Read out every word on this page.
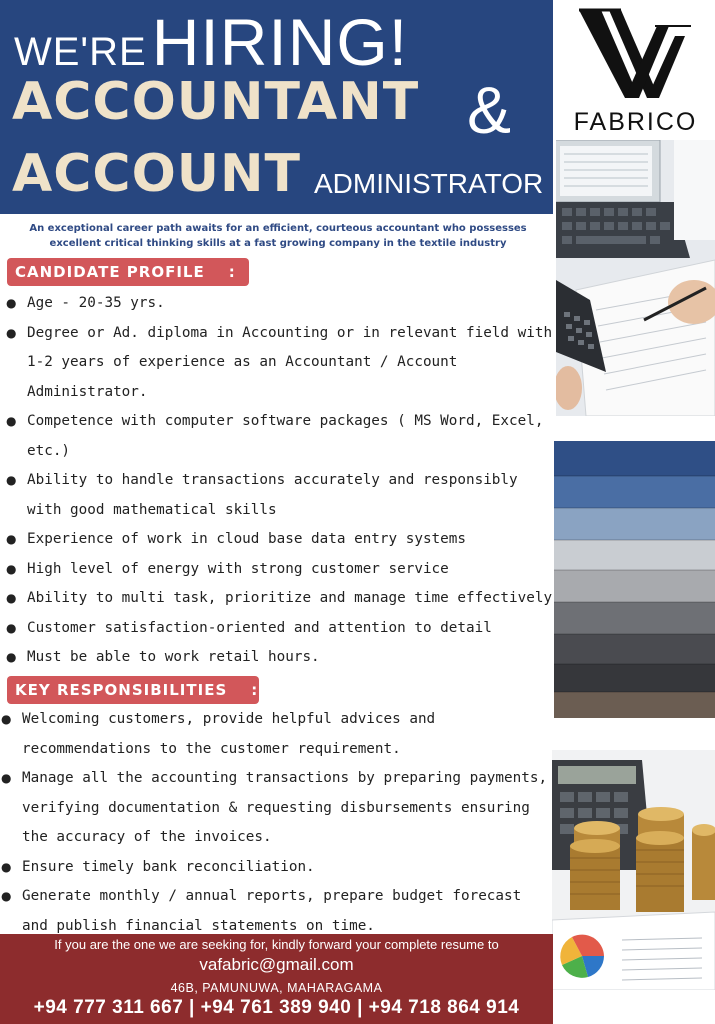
WE'RE HIRING!
ACCOUNTANT &
ACCOUNT ADMINISTRATOR
FABRICO
An exceptional career path awaits for an efficient, courteous accountant who possesses excellent critical thinking skills at a fast growing company in the textile industry
CANDIDATE PROFILE :
● Age - 20-35 yrs.
● Degree or Ad. diploma in Accounting or in relevant field with 1-2 years of experience as an Accountant / Account Administrator.
● Competence with computer software packages ( MS Word, Excel, etc.)
● Ability to handle transactions accurately and responsibly with good mathematical skills
● Experience of work in cloud base data entry systems
● High level of energy with strong customer service
● Ability to multi task, prioritize and manage time effectively
● Customer satisfaction-oriented and attention to detail
● Must be able to work retail hours.
KEY RESPONSIBILITIES :
● Welcoming customers, provide helpful advices and recommendations to the customer requirement.
● Manage all the accounting transactions by preparing payments, verifying documentation & requesting disbursements ensuring the accuracy of the invoices.
● Ensure timely bank reconciliation.
● Generate monthly / annual reports, prepare budget forecast and publish financial statements on time.
If you are the one we are seeking for, kindly forward your complete resume to
vafabric@gmail.com
46B, PAMUNUWA, MAHARAGAMA
+94 777 311 667 | +94 761 389 940 | +94 718 864 914
